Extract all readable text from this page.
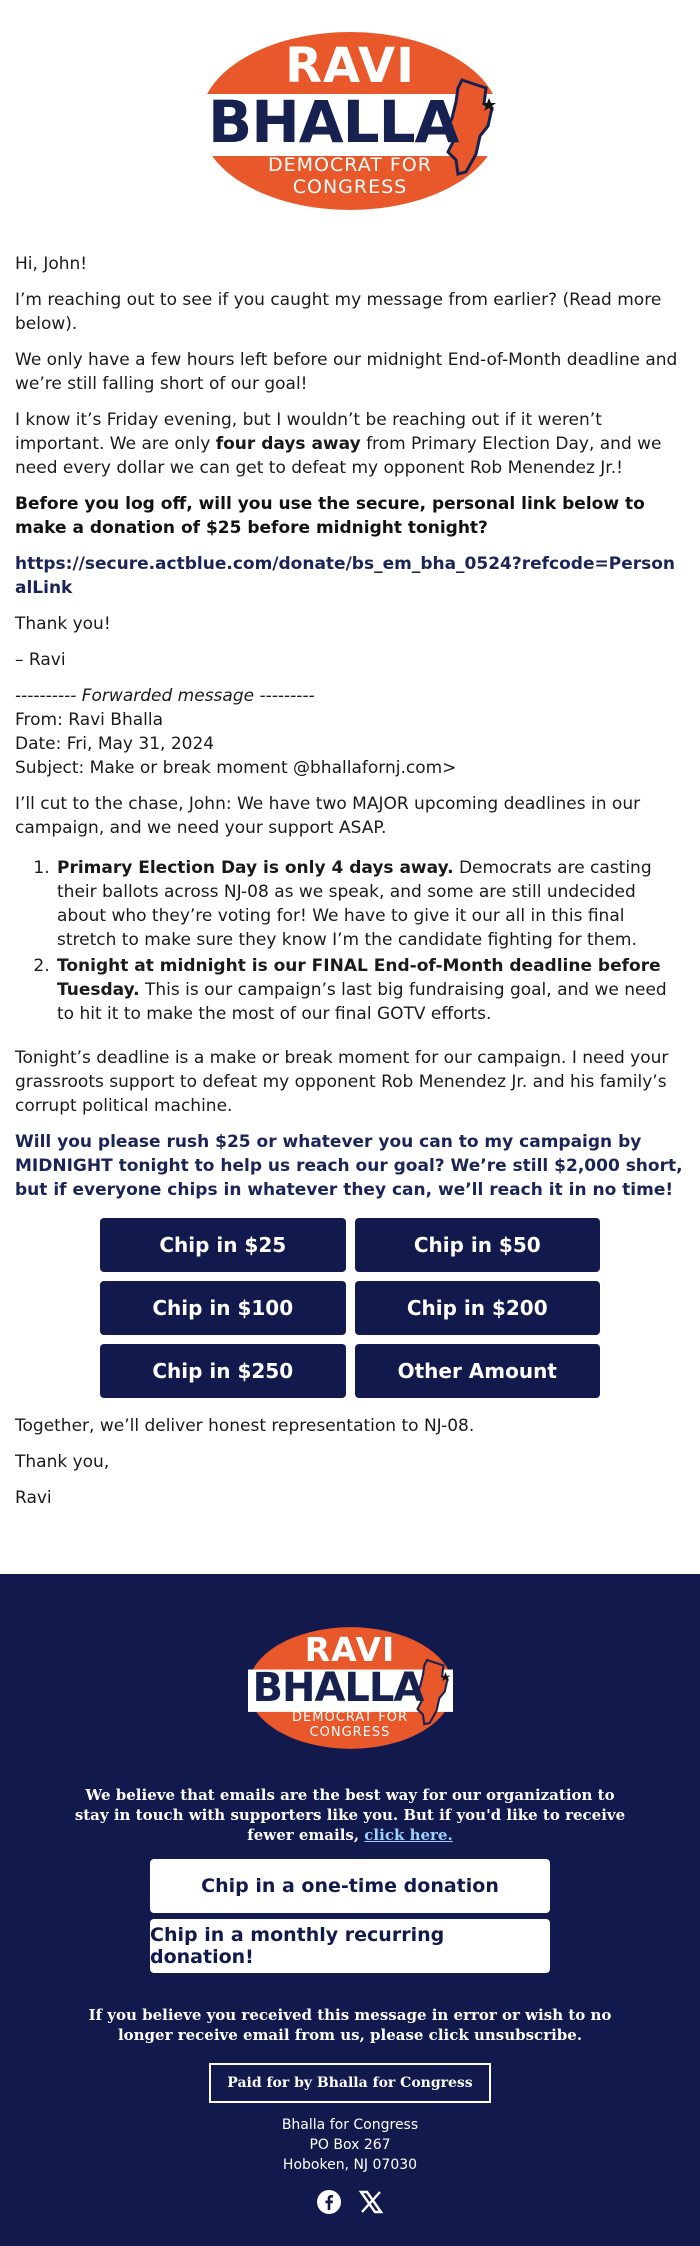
RAVI
BHALLA
DEMOCRAT FOR
CONGRESS

Hi, John!

I’m reaching out to see if you caught my message from earlier? (Read more below).

We only have a few hours left before our midnight End-of-Month deadline and we’re still falling short of our goal!

I know it’s Friday evening, but I wouldn’t be reaching out if it weren’t important. We are only four days away from Primary Election Day, and we need every dollar we can get to defeat my opponent Rob Menendez Jr.!

Before you log off, will you use the secure, personal link below to make a donation of $25 before midnight tonight?

https://secure.actblue.com/donate/bs_em_bha_0524?refcode=PersonalLink

Thank you!

– Ravi

---------- Forwarded message ---------
From: Ravi Bhalla
Date: Fri, May 31, 2024
Subject: Make or break moment @bhallafornj.com>

I’ll cut to the chase, John: We have two MAJOR upcoming deadlines in our campaign, and we need your support ASAP.

1. Primary Election Day is only 4 days away. Democrats are casting their ballots across NJ-08 as we speak, and some are still undecided about who they’re voting for! We have to give it our all in this final stretch to make sure they know I’m the candidate fighting for them.
2. Tonight at midnight is our FINAL End-of-Month deadline before Tuesday. This is our campaign’s last big fundraising goal, and we need to hit it to make the most of our final GOTV efforts.

Tonight’s deadline is a make or break moment for our campaign. I need your grassroots support to defeat my opponent Rob Menendez Jr. and his family’s corrupt political machine.

Will you please rush $25 or whatever you can to my campaign by MIDNIGHT tonight to help us reach our goal? We’re still $2,000 short, but if everyone chips in whatever they can, we’ll reach it in no time!

Chip in $25	Chip in $50
Chip in $100	Chip in $200
Chip in $250	Other Amount

Together, we’ll deliver honest representation to NJ-08.

Thank you,

Ravi

RAVI
BHALLA
DEMOCRAT FOR
CONGRESS
We believe that emails are the best way for our organization to stay in touch with supporters like you. But if you'd like to receive fewer emails, click here.
Chip in a one-time donation
Chip in a monthly recurring donation!
If you believe you received this message in error or wish to no longer receive email from us, please click unsubscribe.
Paid for by Bhalla for Congress
Bhalla for Congress
PO Box 267
Hoboken, NJ 07030
